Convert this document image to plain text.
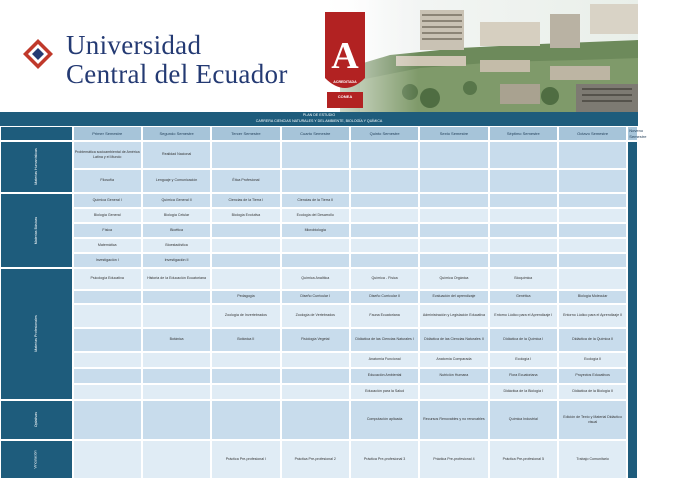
Universidad
Central del Ecuador A
CATEGORÍA
ACREDITADA
CONEA
PLAN DE ESTUDIO
CARRERA CIENCIAS NATURALES Y DEL AMBIENTE, BIOLOGÍA Y QUÍMICA
	Primer Semestre	Segundo Semestre	Tercer Semestre	Cuarto Semestre	Quinto Semestre	Sexto Semestre	Séptimo Semestre	Octavo Semestre	Noveno Semestre
Materias Humanísticas	Problemática socioambiental de América Latina y el Mundo	Realidad Nacional							Pre proyecto Trabajo de Grado
	Filosofía	Lenguaje y Comunicación	Ética Profesional						
Materias Básicas	Química General I	Química General II	Ciencias de la Tierra I	Ciencias de la Tierra II					
	Biología General	Biología Celular	Biología Evolutiva	Ecología del Desarrollo					
	Física	Bioética		Microbiología					
	Matemática	Bioestadística							
	Investigación I	Investigación II							
Materias Profesionales	Psicología Educativa	Historia de la Educación Ecuatoriana		Química Analítica	Química - Física	Química Orgánica	Bioquímica		
			Pedagogía	Diseño Curricular I	Diseño Curricular II	Evaluación del aprendizaje	Genética	Biología Molecular	
			Zoología de Invertebrados	Zoología de Vertebrados	Fauna Ecuatoriana	Administración y Legislación Educativa	Entorno Lúdico para el Aprendizaje I	Entorno Lúdico para el Aprendizaje II	
		Botánica	Botánica II	Fisiología Vegetal	Didáctica de las Ciencias Naturales I	Didáctica de las Ciencias Naturales II	Didáctica de la Química I	Didáctica de la Química II	
					Anatomía Funcional	Anatomía Comparada	Ecología I	Ecología II	
					Educación Ambiental	Nutrición Humana	Flora Ecuatoriana	Proyectos Educativos	
					Educación para la Salud		Didáctica de la Biología I	Didáctica de la Biología II	
Optativas					Computación aplicada	Recursos Renovables y no renovables	Química Industrial	Edición de Texto y Material Didáctico visual	
Vinculación			Práctica Pre-profesional I	Práctica Pre-profesional 2	Práctica Pre-profesional 3	Práctica Pre-profesional 4	Práctica Pre-profesional 5	Trabajo Comunitario	
